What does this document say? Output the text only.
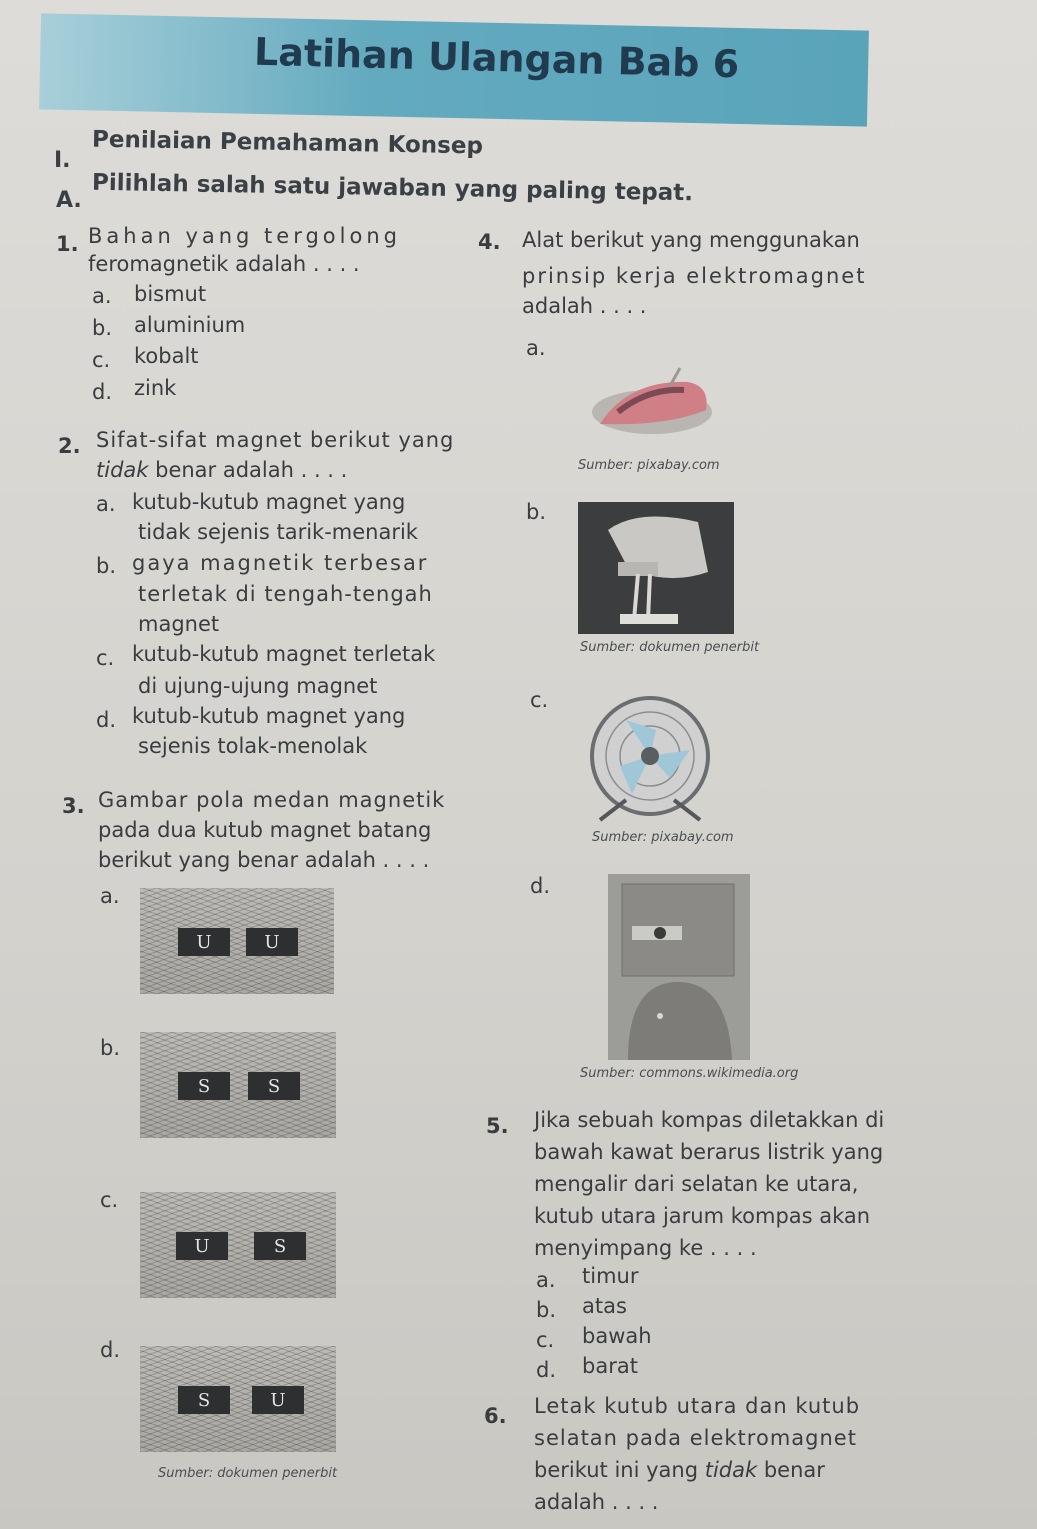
Latihan Ulangan Bab 6
I.
Penilaian Pemahaman Konsep
A. Pilihlah salah satu jawaban yang paling tepat.
1. Bahan yang tergolong
feromagnetik adalah . . . .
a. bismut
b. aluminium
c. kobalt
d. zink
2. Sifat-sifat magnet berikut yang
tidak benar adalah . . . .
a. kutub-kutub magnet yang
tidak sejenis tarik-menarik
b. gaya magnetik terbesar
terletak di tengah-tengah
magnet
c. kutub-kutub magnet terletak
di ujung-ujung magnet
d. kutub-kutub magnet yang
sejenis tolak-menolak
3. Gambar pola medan magnetik
pada dua kutub magnet batang
berikut yang benar adalah . . . .
a.
U	U
b.
S	S
c.
U	S
d.
S	U
Sumber: dokumen penerbit
4. Alat berikut yang menggunakan
prinsip kerja elektromagnet
adalah . . . .
a.
Sumber: pixabay.com
b.
Sumber: dokumen penerbit
c.
Sumber: pixabay.com
d.
Sumber: commons.wikimedia.org
5. Jika sebuah kompas diletakkan di
bawah kawat berarus listrik yang
mengalir dari selatan ke utara,
kutub utara jarum kompas akan
menyimpang ke . . . .
a. timur
b. atas
c. bawah
d. barat
6. Letak kutub utara dan kutub
selatan pada elektromagnet
berikut ini yang tidak benar
adalah . . . .
